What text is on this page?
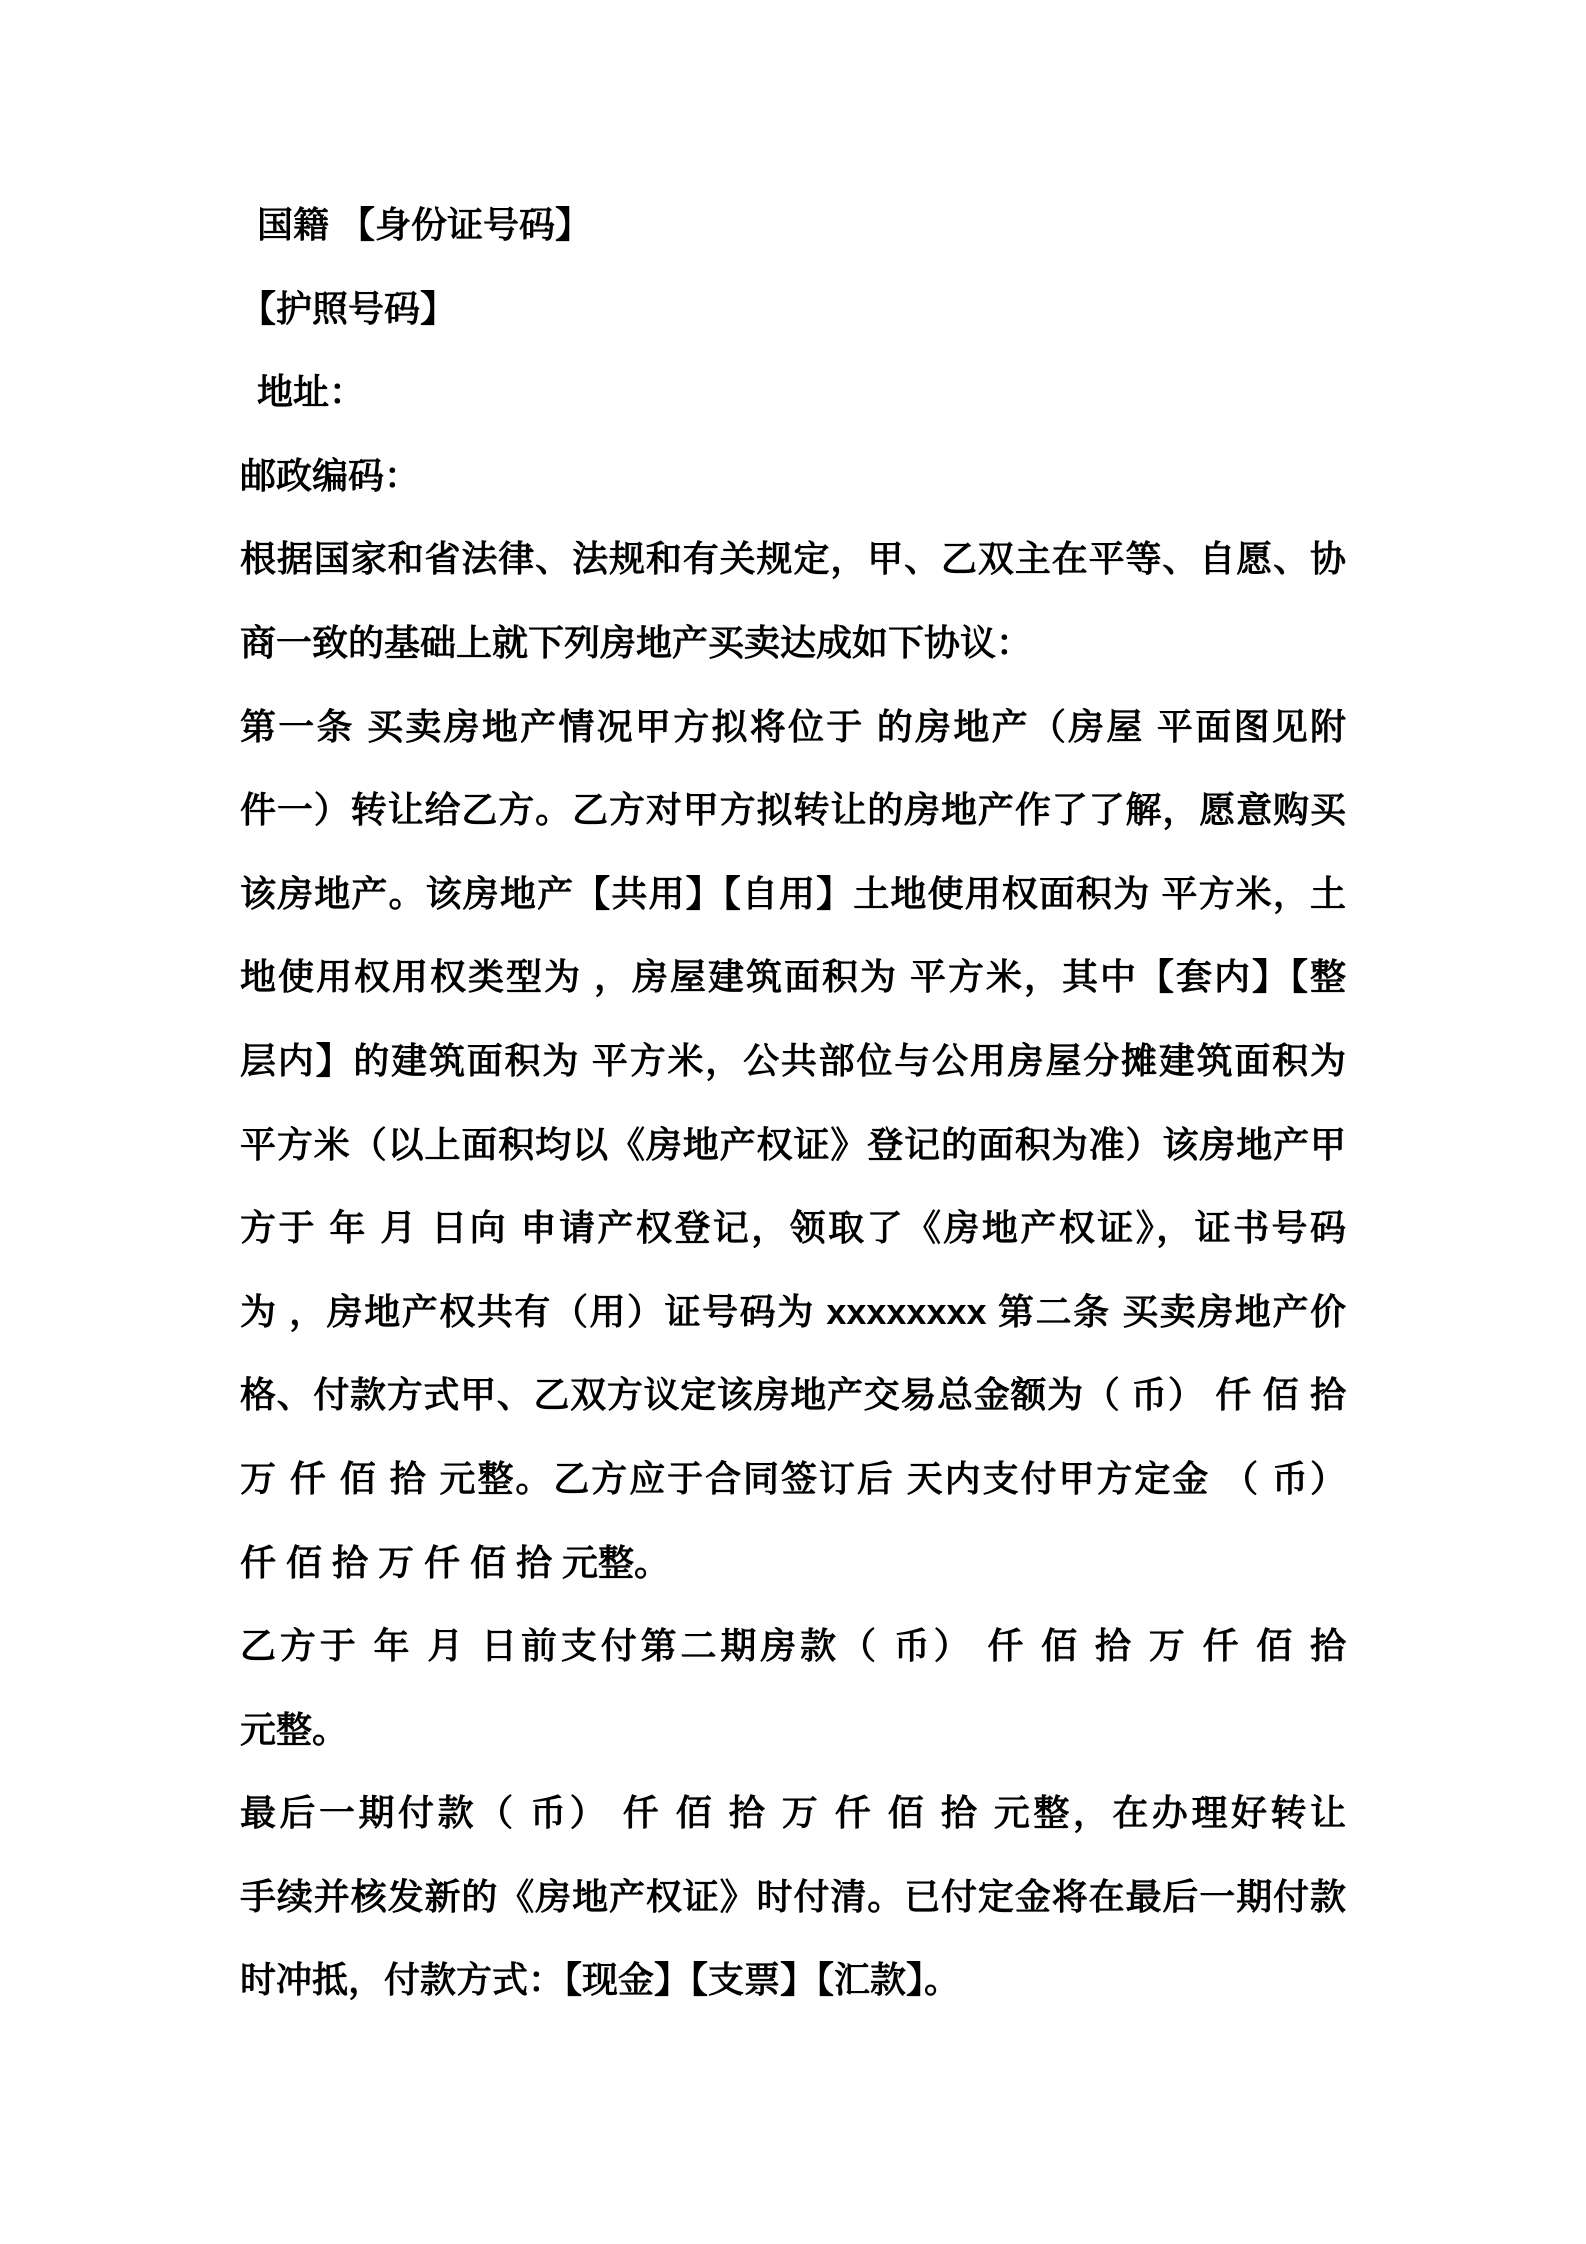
国籍 【身份证号码】
【护照号码】
地址：
邮政编码：
根据国家和省法律、法规和有关规定，甲、乙双主在平等、自愿、协
商一致的基础上就下列房地产买卖达成如下协议：
第一条 买卖房地产情况甲方拟将位于 的房地产（房屋 平面图见附
件一）转让给乙方。乙方对甲方拟转让的房地产作了了解，愿意购买
该房地产。该房地产【共用】【自用】土地使用权面积为 平方米，土
地使用权用权类型为 ，房屋建筑面积为 平方米，其中【套内】【整
层内】的建筑面积为 平方米，公共部位与公用房屋分摊建筑面积为
平方米（以上面积均以《房地产权证》登记的面积为准）该房地产甲
方于 年 月 日向 申请产权登记，领取了《房地产权证》，证书号码
为 ，房地产权共有（用）证号码为 xxxxxxxx 第二条 买卖房地产价
格、付款方式甲、乙双方议定该房地产交易总金额为（ 币） 仟 佰 拾
万 仟 佰 拾 元整。乙方应于合同签订后 天内支付甲方定金 （ 币）
仟 佰 拾 万 仟 佰 拾 元整。
乙方于 年 月 日前支付第二期房款（ 币） 仟 佰 拾 万 仟 佰 拾
元整。
最后一期付款（ 币） 仟 佰 拾 万 仟 佰 拾 元整，在办理好转让
手续并核发新的《房地产权证》时付清。已付定金将在最后一期付款
时冲抵，付款方式：【现金】【支票】【汇款】。
